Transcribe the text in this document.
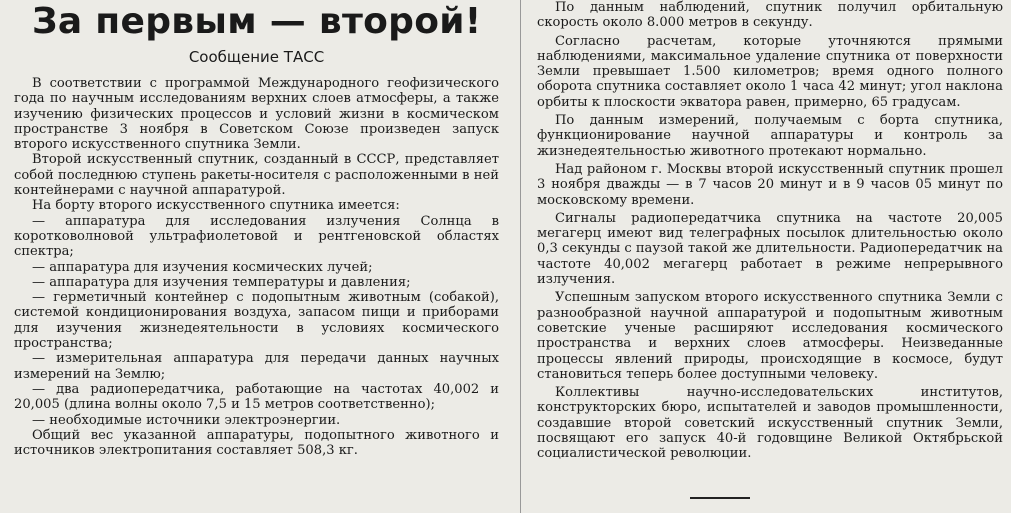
За первым — второй!
Сообщение ТАСС

В соответствии с программой Международного геофизического года по научным исследованиям верхних слоев атмосферы, а также изучению физических процессов и условий жизни в космическом пространстве 3 ноября в Советском Союзе произведен запуск второго искусственного спутника Земли.

Второй искусственный спутник, созданный в СССР, представляет собой последнюю ступень ракеты-носителя с расположенными в ней контейнерами с научной аппаратурой.

На борту второго искусственного спутника имеется:

— аппаратура для исследования излучения Солнца в коротковолновой ультрафиолетовой и рентгеновской областях спектра;

— аппаратура для изучения космических лучей;

— аппаратура для изучения температуры и давления;

— герметичный контейнер с подопытным животным (собакой), системой кондиционирования воздуха, запасом пищи и приборами для изучения жизнедеятельности в условиях космического пространства;

— измерительная аппаратура для передачи данных научных измерений на Землю;

— два радиопередатчика, работающие на частотах 40,002 и 20,005 (длина волны около 7,5 и 15 метров соответственно);

— необходимые источники электроэнергии.

Общий вес указанной аппаратуры, подопытного животного и источников электропитания составляет 508,3 кг.

По данным наблюдений, спутник получил орбитальную скорость около 8.000 метров в секунду.

Согласно расчетам, которые уточняются прямыми наблюдениями, максимальное удаление спутника от поверхности Земли превышает 1.500 километров; время одного полного оборота спутника составляет около 1 часа 42 минут; угол наклона орбиты к плоскости экватора равен, примерно, 65 градусам.

По данным измерений, получаемым с борта спутника, функционирование научной аппаратуры и контроль за жизнедеятельностью животного протекают нормально.

Над районом г. Москвы второй искусственный спутник прошел 3 ноября дважды — в 7 часов 20 минут и в 9 часов 05 минут по московскому времени.

Сигналы радиопередатчика спутника на частоте 20,005 мегагерц имеют вид телеграфных посылок длительностью около 0,3 секунды с паузой такой же длительности. Радиопередатчик на частоте 40,002 мегагерц работает в режиме непрерывного излучения.

Успешным запуском второго искусственного спутника Земли с разнообразной научной аппаратурой и подопытным животным советские ученые расширяют исследования космического пространства и верхних слоев атмосферы. Неизведанные процессы явлений природы, происходящие в космосе, будут становиться теперь более доступными человеку.

Коллективы научно-исследовательских институтов, конструкторских бюро, испытателей и заводов промышленности, создавшие второй советский искусственный спутник Земли, посвящают его запуск 40-й годовщине Великой Октябрьской социалистической революции.
